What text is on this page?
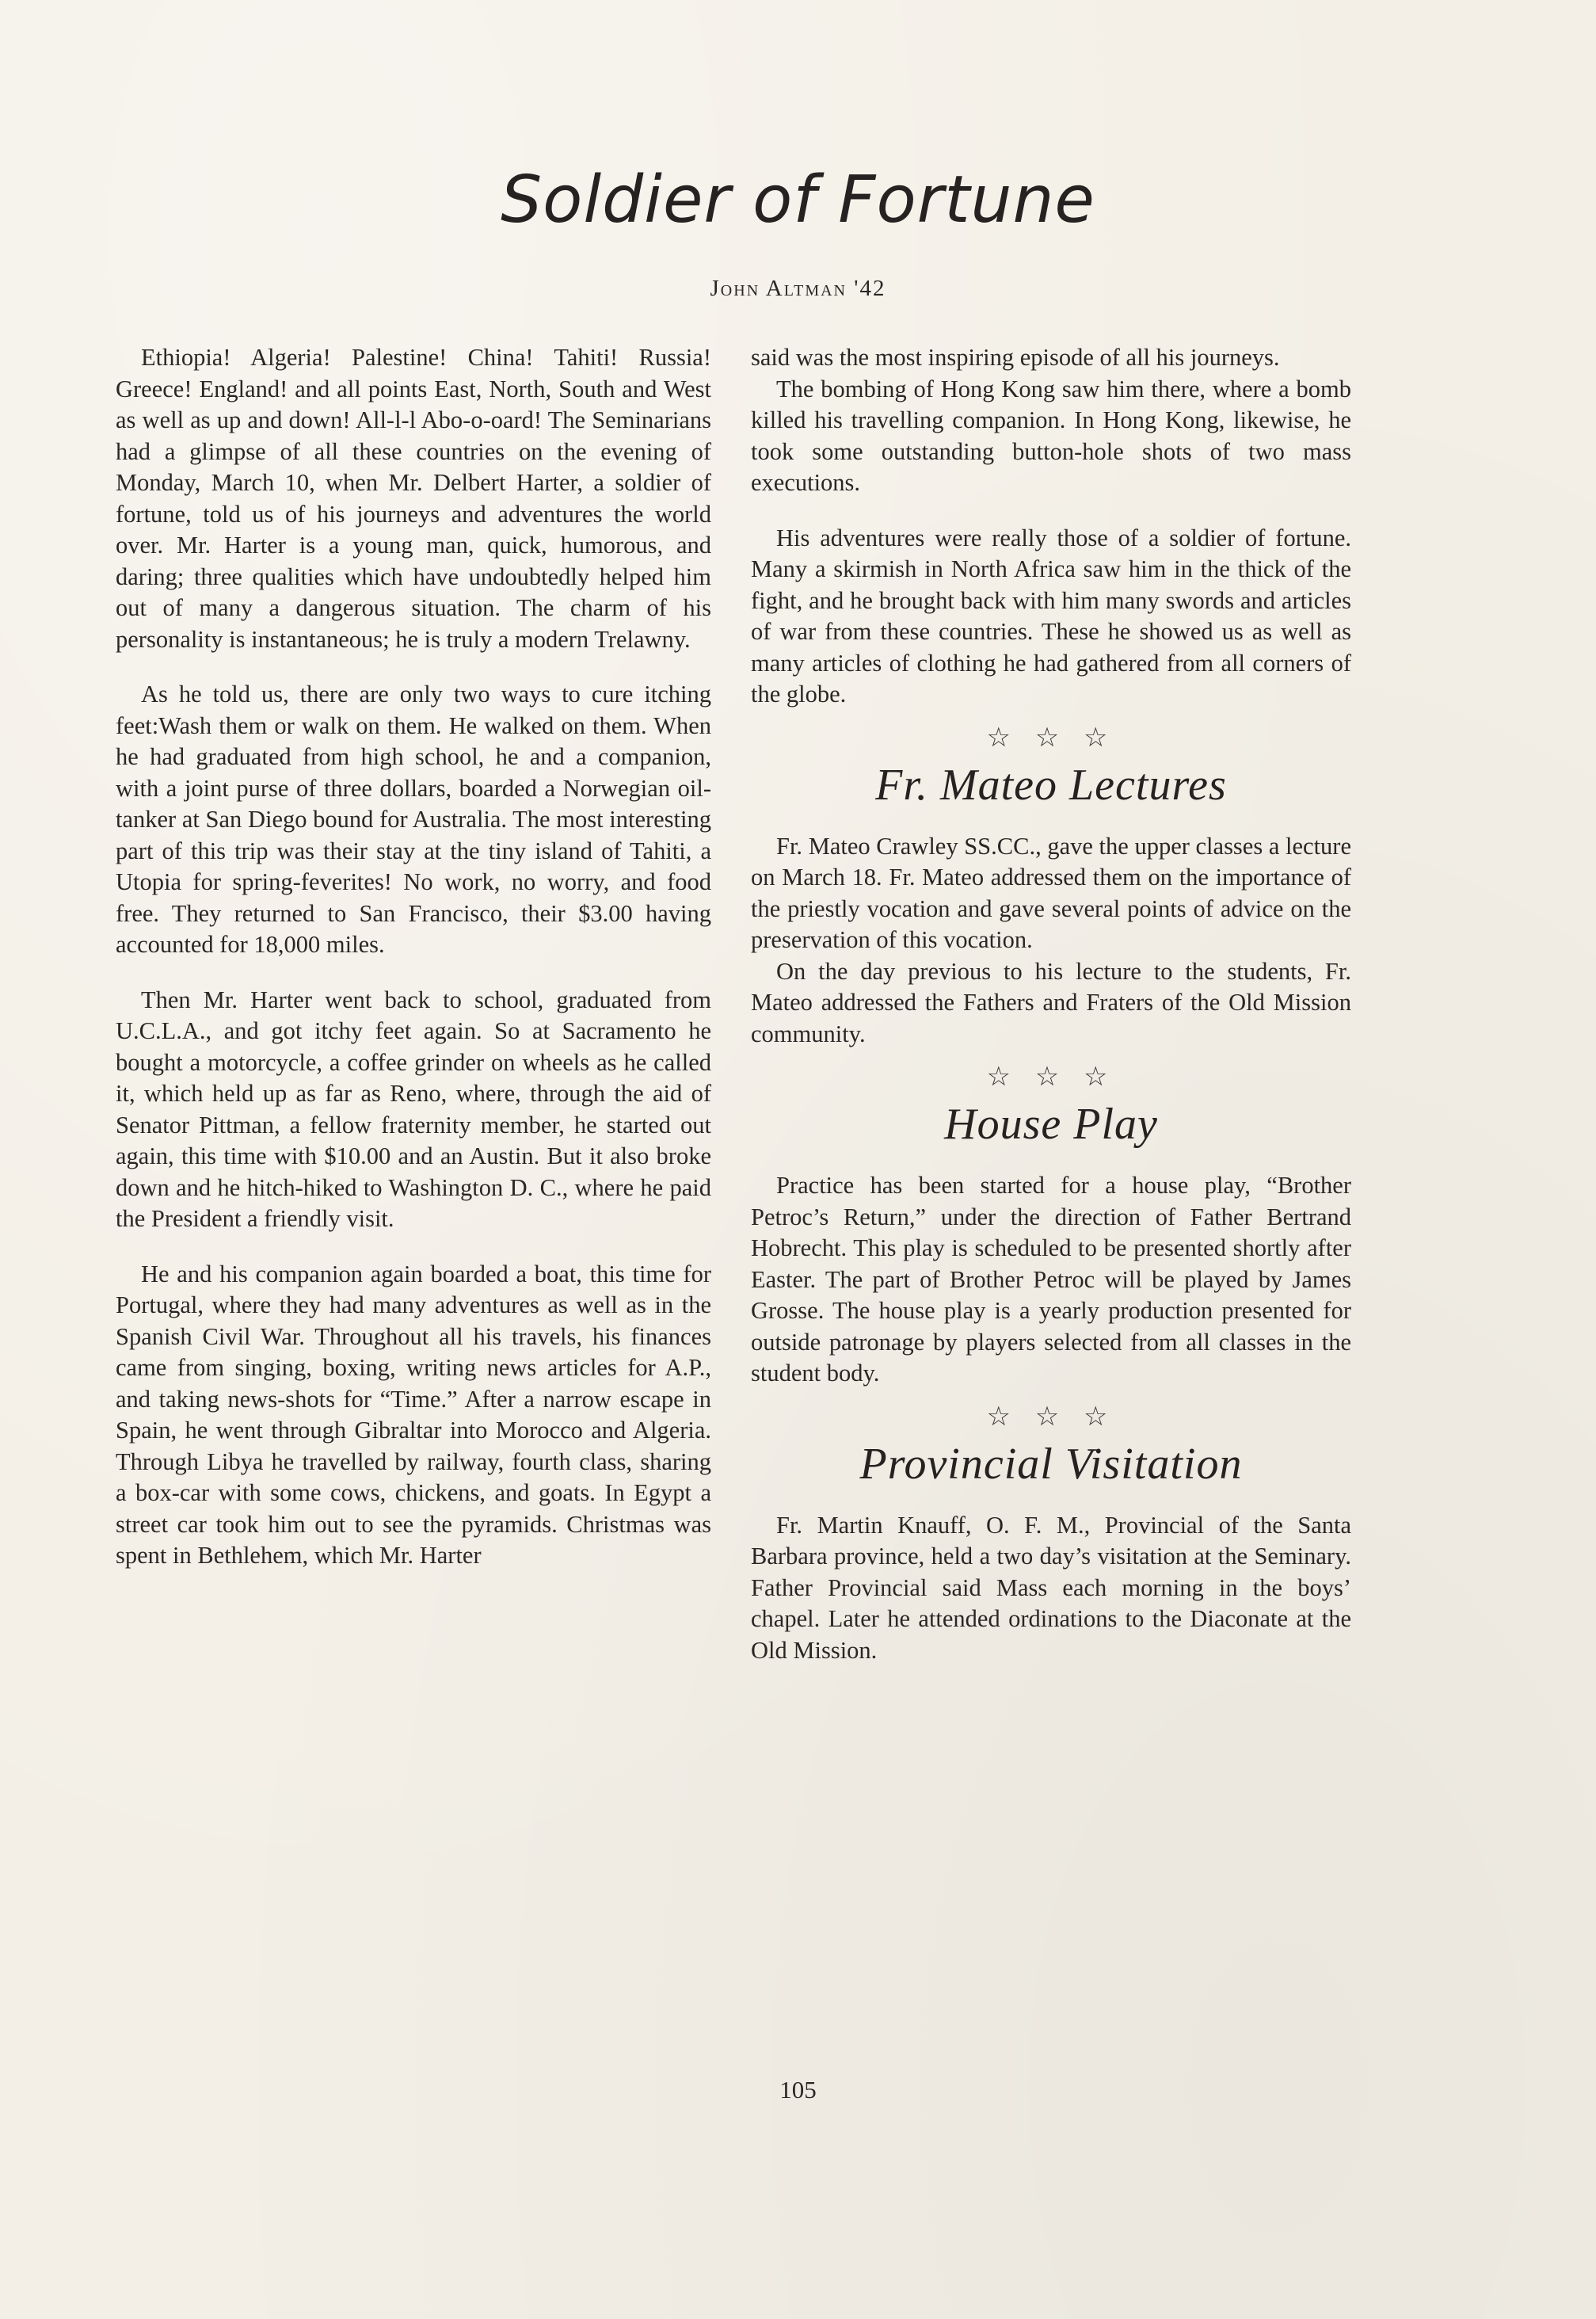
Soldier of Fortune
John Altman '42

Ethiopia! Algeria! Palestine! China! Tahiti! Russia! Greece! England! and all points East, North, South and West as well as up and down! All-l-l Abo-o-oard! The Seminarians had a glimpse of all these countries on the evening of Monday, March 10, when Mr. Delbert Harter, a soldier of fortune, told us of his journeys and adventures the world over. Mr. Harter is a young man, quick, humorous, and daring; three qualities which have undoubtedly helped him out of many a dangerous situation. The charm of his personality is instantaneous; he is truly a modern Trelawny.

As he told us, there are only two ways to cure itching feet:Wash them or walk on them. He walked on them. When he had graduated from high school, he and a companion, with a joint purse of three dollars, boarded a Norwegian oil-tanker at San Diego bound for Australia. The most interesting part of this trip was their stay at the tiny island of Tahiti, a Utopia for spring-feverites! No work, no worry, and food free. They returned to San Francisco, their $3.00 having accounted for 18,000 miles.

Then Mr. Harter went back to school, graduated from U.C.L.A., and got itchy feet again. So at Sacramento he bought a motorcycle, a coffee grinder on wheels as he called it, which held up as far as Reno, where, through the aid of Senator Pittman, a fellow fraternity member, he started out again, this time with $10.00 and an Austin. But it also broke down and he hitch-hiked to Washington D. C., where he paid the President a friendly visit.

He and his companion again boarded a boat, this time for Portugal, where they had many adventures as well as in the Spanish Civil War. Throughout all his travels, his finances came from singing, boxing, writing news articles for A.P., and taking news-shots for “Time.” After a narrow escape in Spain, he went through Gibraltar into Morocco and Algeria. Through Libya he travelled by railway, fourth class, sharing a box-car with some cows, chickens, and goats. In Egypt a street car took him out to see the pyramids. Christmas was spent in Bethlehem, which Mr. Harter

said was the most inspiring episode of all his journeys.

The bombing of Hong Kong saw him there, where a bomb killed his travelling companion. In Hong Kong, likewise, he took some outstanding button-hole shots of two mass executions.

His adventures were really those of a soldier of fortune. Many a skirmish in North Africa saw him in the thick of the fight, and he brought back with him many swords and articles of war from these countries. These he showed us as well as many articles of clothing he had gathered from all corners of the globe.

☆ ☆ ☆
Fr. Mateo Lectures

Fr. Mateo Crawley SS.CC., gave the upper classes a lecture on March 18. Fr. Mateo addressed them on the importance of the priestly vocation and gave several points of advice on the preservation of this vocation.

On the day previous to his lecture to the students, Fr. Mateo addressed the Fathers and Fraters of the Old Mission community.

☆ ☆ ☆
House Play

Practice has been started for a house play, “Brother Petroc’s Return,” under the direction of Father Bertrand Hobrecht. This play is scheduled to be presented shortly after Easter. The part of Brother Petroc will be played by James Grosse. The house play is a yearly production presented for outside patronage by players selected from all classes in the student body.

☆ ☆ ☆
Provincial Visitation

Fr. Martin Knauff, O. F. M., Provincial of the Santa Barbara province, held a two day’s visitation at the Seminary. Father Provincial said Mass each morning in the boys’ chapel. Later he attended ordinations to the Diaconate at the Old Mission.

105
